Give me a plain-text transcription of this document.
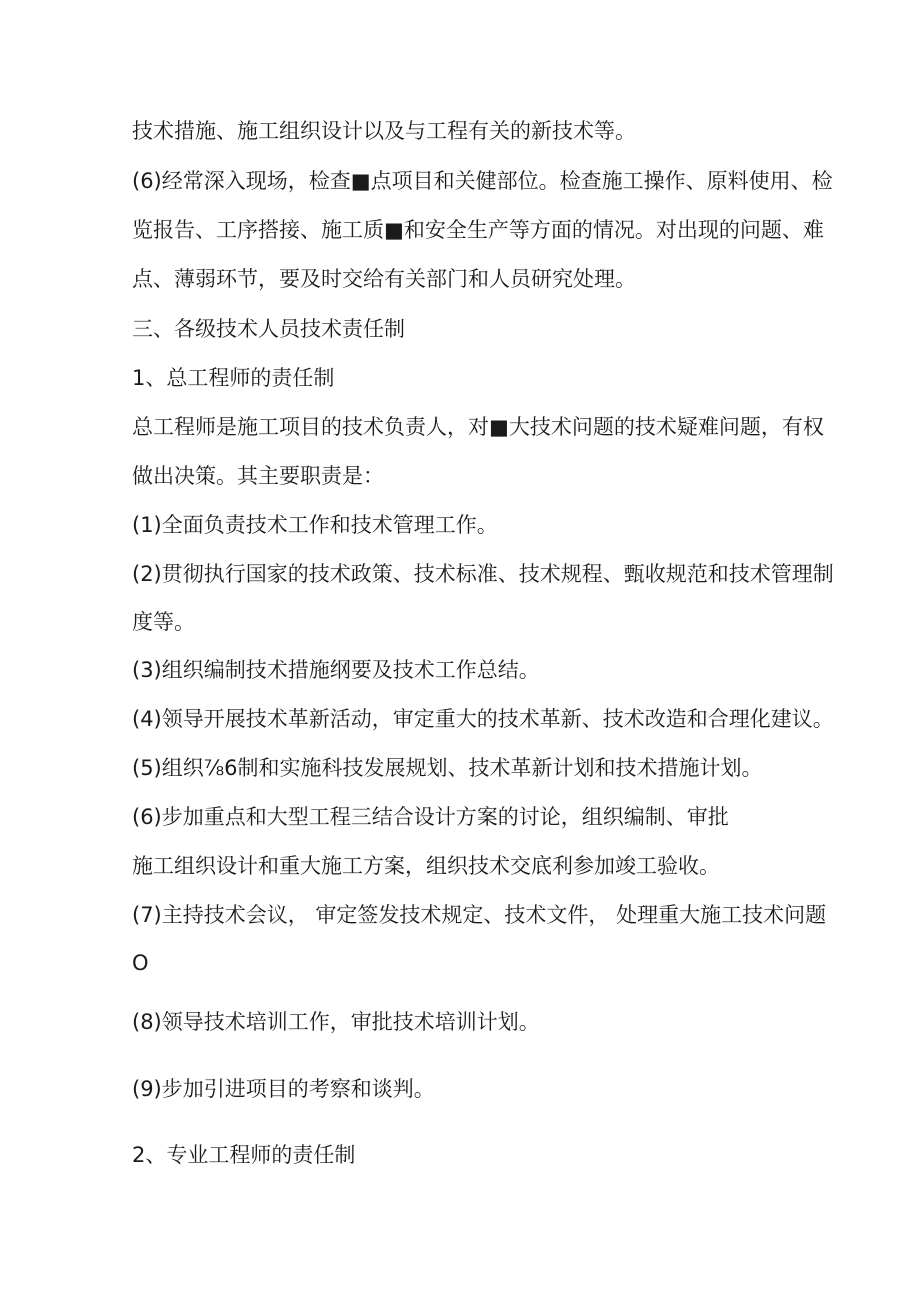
技术措施、施工组织设计以及与工程有关的新技术等。
(6)经常深入现场，检查■点项目和关健部位。检查施工操作、原料使用、检
览报告、工序搭接、施工质■和安全生产等方面的情况。对出现的问题、难
点、薄弱环节，要及时交给有关部门和人员研究处理。
三、各级技术人员技术责任制
1、总工程师的责任制
总工程师是施工项目的技术负责人，对■大技术问题的技术疑难问题，有权
做出决策。其主要职责是：
(1)全面负责技术工作和技术管理工作。
(2)贯彻执行国家的技术政策、技术标准、技术规程、甄收规范和技术管理制
度等。
(3)组织编制技术措施纲要及技术工作总结。
(4)领导开展技术革新活动，审定重大的技术革新、技术改造和合理化建议。
(5)组织⅞6制和实施科技发展规划、技术革新计划和技术措施计划。
(6)步加重点和大型工程三结合设计方案的讨论，组织编制、审批
施工组织设计和重大施工方案，组织技术交底利参加竣工验收。
(7)主持技术会议， 审定签发技术规定、技术文件， 处理重大施工技术问题
O
(8)领导技术培训工作，审批技术培训计划。
(9)步加引进项目的考察和谈判。
2、专业工程师的责任制
